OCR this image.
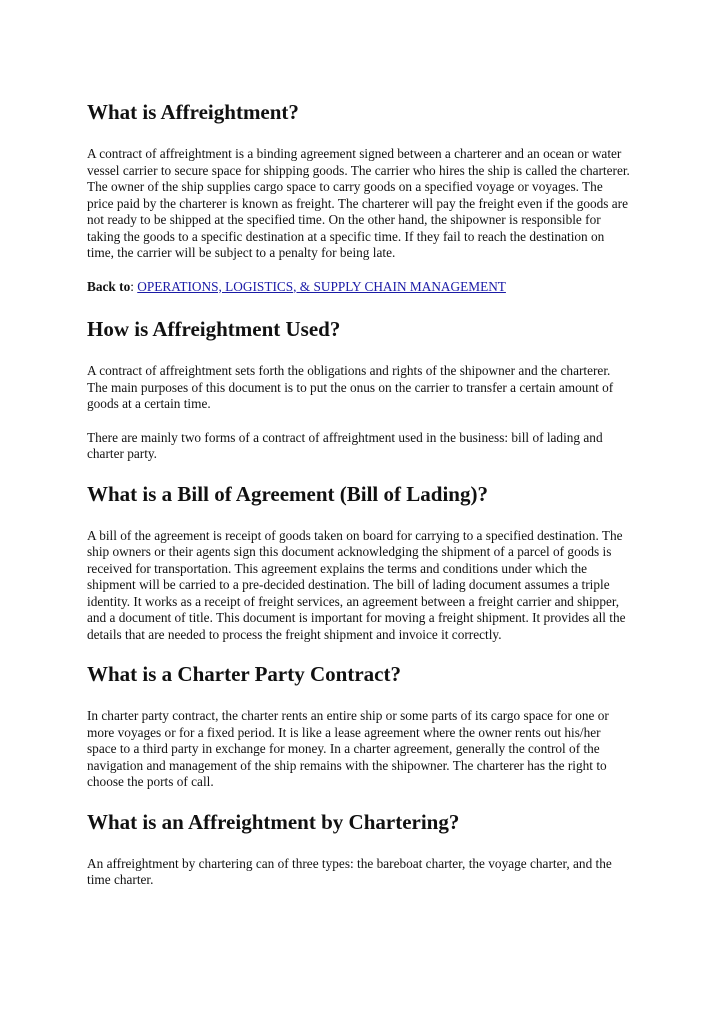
What is Affreightment?

A contract of affreightment is a binding agreement signed between a charterer and an ocean or water vessel carrier to secure space for shipping goods. The carrier who hires the ship is called the charterer. The owner of the ship supplies cargo space to carry goods on a specified voyage or voyages. The price paid by the charterer is known as freight. The charterer will pay the freight even if the goods are not ready to be shipped at the specified time. On the other hand, the shipowner is responsible for taking the goods to a specific destination at a specific time. If they fail to reach the destination on time, the carrier will be subject to a penalty for being late.

Back to: OPERATIONS, LOGISTICS, & SUPPLY CHAIN MANAGEMENT

How is Affreightment Used?

A contract of affreightment sets forth the obligations and rights of the shipowner and the charterer. The main purposes of this document is to put the onus on the carrier to transfer a certain amount of goods at a certain time.

There are mainly two forms of a contract of affreightment used in the business: bill of lading and charter party.

What is a Bill of Agreement (Bill of Lading)?

A bill of the agreement is receipt of goods taken on board for carrying to a specified destination. The ship owners or their agents sign this document acknowledging the shipment of a parcel of goods is received for transportation. This agreement explains the terms and conditions under which the shipment will be carried to a pre-decided destination. The bill of lading document assumes a triple identity. It works as a receipt of freight services, an agreement between a freight carrier and shipper, and a document of title. This document is important for moving a freight shipment. It provides all the details that are needed to process the freight shipment and invoice it correctly.

What is a Charter Party Contract?

In charter party contract, the charter rents an entire ship or some parts of its cargo space for one or more voyages or for a fixed period. It is like a lease agreement where the owner rents out his/her space to a third party in exchange for money. In a charter agreement, generally the control of the navigation and management of the ship remains with the shipowner. The charterer has the right to choose the ports of call.

What is an Affreightment by Chartering?

An affreightment by chartering can of three types: the bareboat charter, the voyage charter, and the time charter.
